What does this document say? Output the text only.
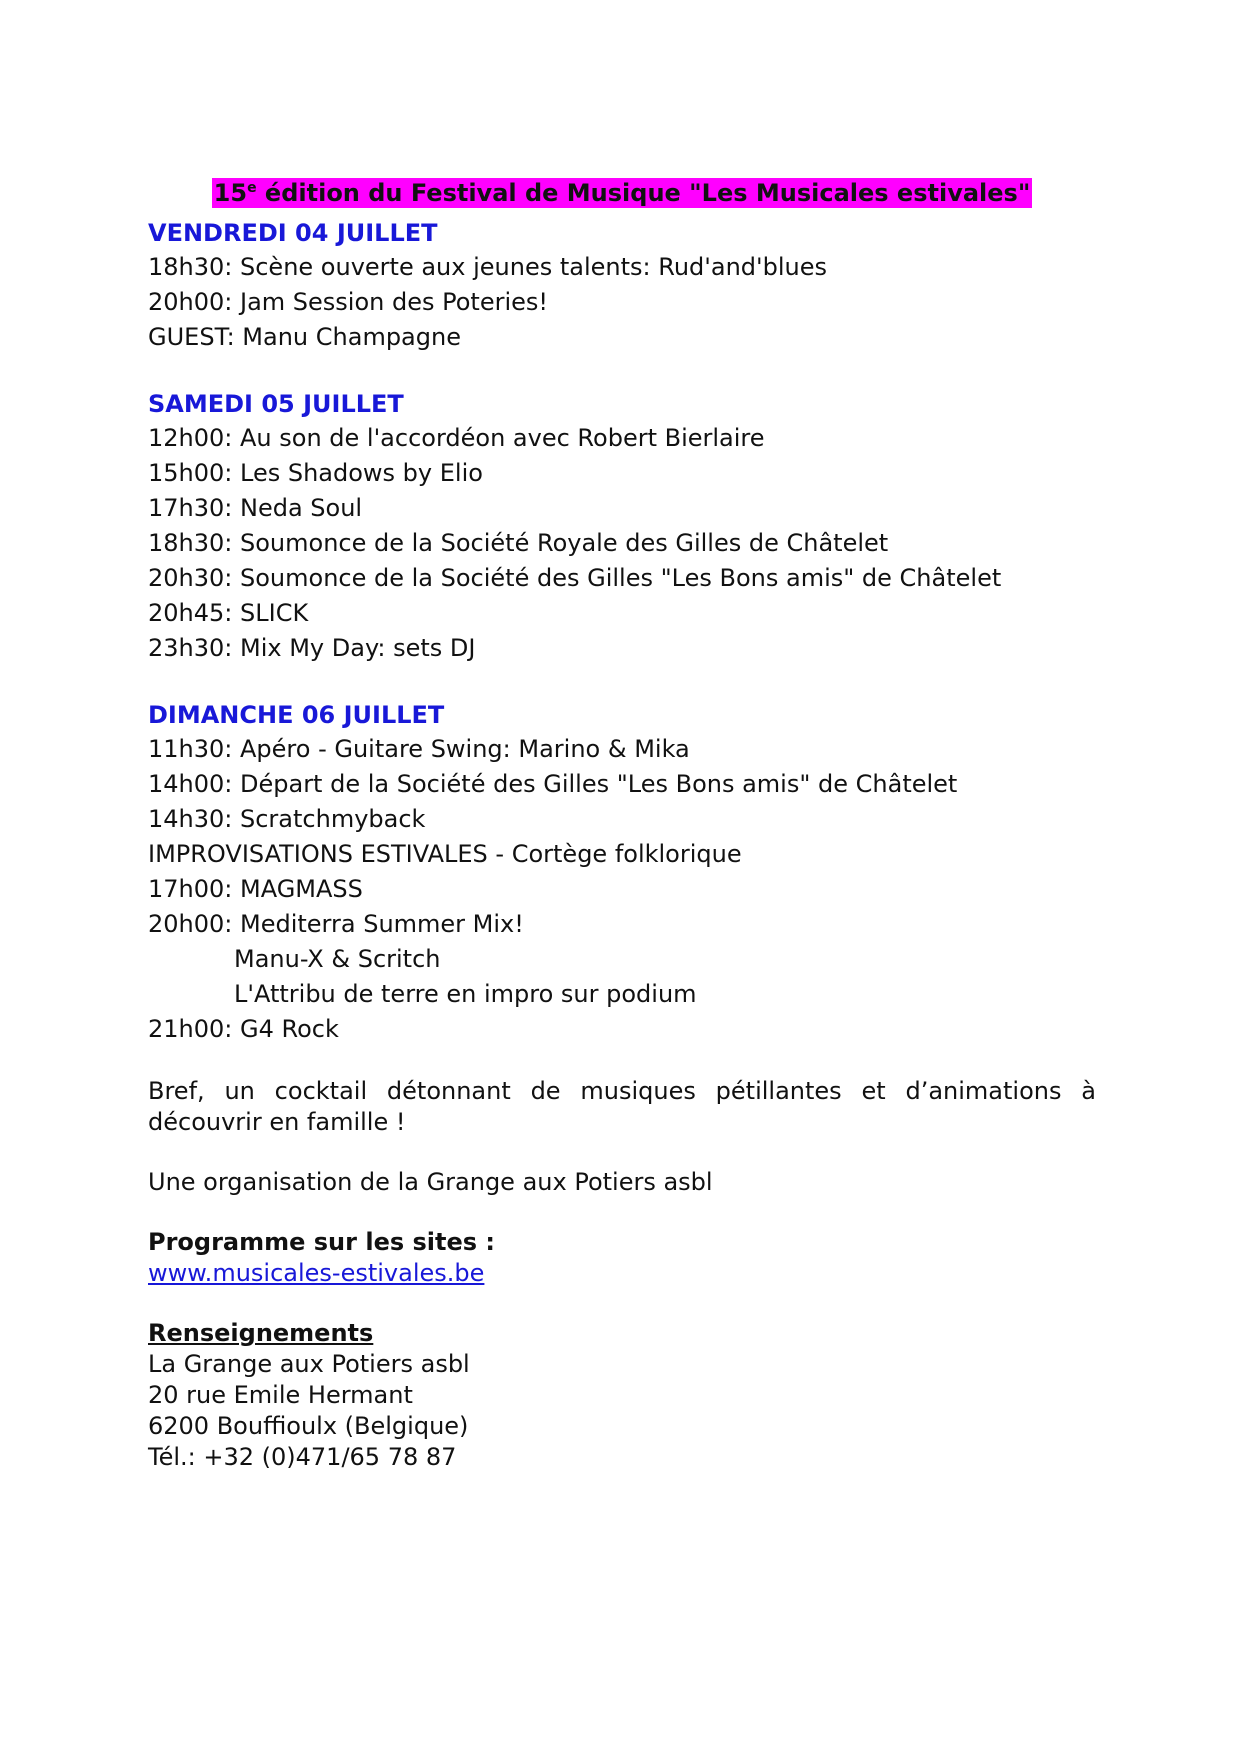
15e édition du Festival de Musique "Les Musicales estivales"

VENDREDI 04 JUILLET

18h30: Scène ouverte aux jeunes talents: Rud'and'blues

20h00: Jam Session des Poteries!

GUEST: Manu Champagne

SAMEDI 05 JUILLET

12h00: Au son de l'accordéon avec Robert Bierlaire

15h00: Les Shadows by Elio

17h30: Neda Soul

18h30: Soumonce de la Société Royale des Gilles de Châtelet

20h30: Soumonce de la Société des Gilles "Les Bons amis" de Châtelet

20h45: SLICK

23h30: Mix My Day: sets DJ

DIMANCHE 06 JUILLET

11h30: Apéro - Guitare Swing: Marino & Mika

14h00: Départ de la Société des Gilles "Les Bons amis" de Châtelet

14h30: Scratchmyback

IMPROVISATIONS ESTIVALES - Cortège folklorique

17h00: MAGMASS

20h00: Mediterra Summer Mix!

Manu-X & Scritch

L'Attribu de terre en impro sur podium

21h00: G4 Rock

Bref, un cocktail détonnant de musiques pétillantes et d’animations à découvrir en famille !

Une organisation de la Grange aux Potiers asbl

Programme sur les sites :

www.musicales-estivales.be

Renseignements

La Grange aux Potiers asbl

20 rue Emile Hermant

6200 Bouffioulx (Belgique)

Tél.: +32 (0)471/65 78 87
